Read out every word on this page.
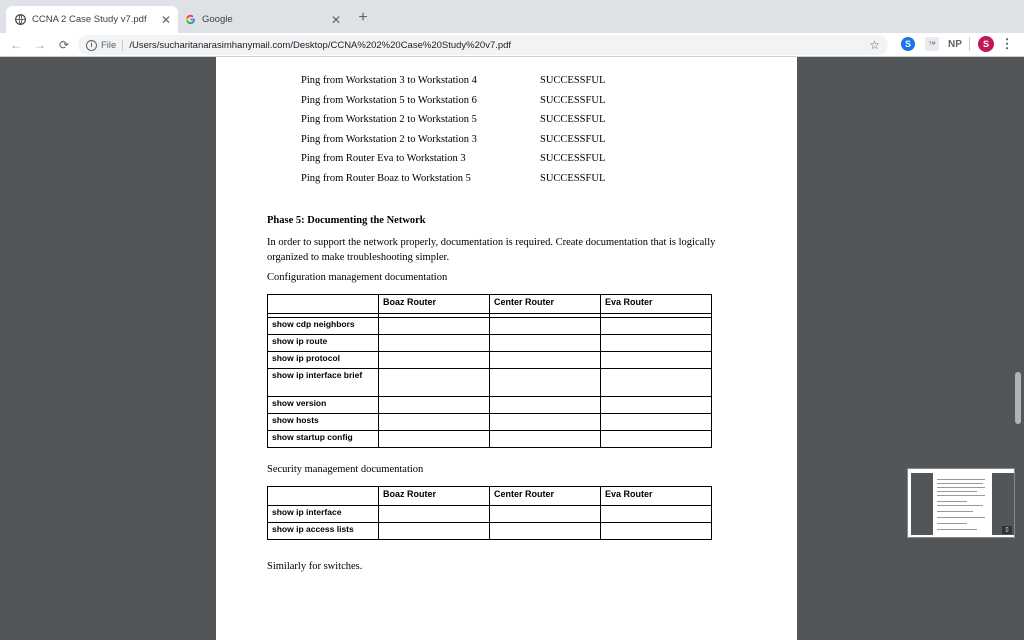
CCNA 2 Case Study v7.pdf	✕	Google	✕ +
←	→	⟳	i File	/Users/sucharitanarasimhanymail.com/Desktop/CCNA%202%20Case%20Study%20v7.pdf	☆	S	™	NP	S ⋮
Ping from Workstation 3 to Workstation 4	SUCCESSFUL
Ping from Workstation 5 to Workstation 6	SUCCESSFUL
Ping from Workstation 2 to Workstation 5	SUCCESSFUL
Ping from Workstation 2 to Workstation 3	SUCCESSFUL
Ping from Router Eva to Workstation 3	SUCCESSFUL
Ping from Router Boaz to Workstation 5	SUCCESSFUL
Phase 5: Documenting the Network
In order to support the network properly, documentation is required. Create documentation that is logically organized to make troubleshooting simpler.
Configuration management documentation
	Boaz Router	Center Router	Eva Router

show cdp neighbors			
show ip route			
show ip protocol			
show ip interface brief			
show version			
show hosts			
show startup config			
Security management documentation
	Boaz Router	Center Router	Eva Router
show ip interface			
show ip access lists			
Similarly for switches.
▯
